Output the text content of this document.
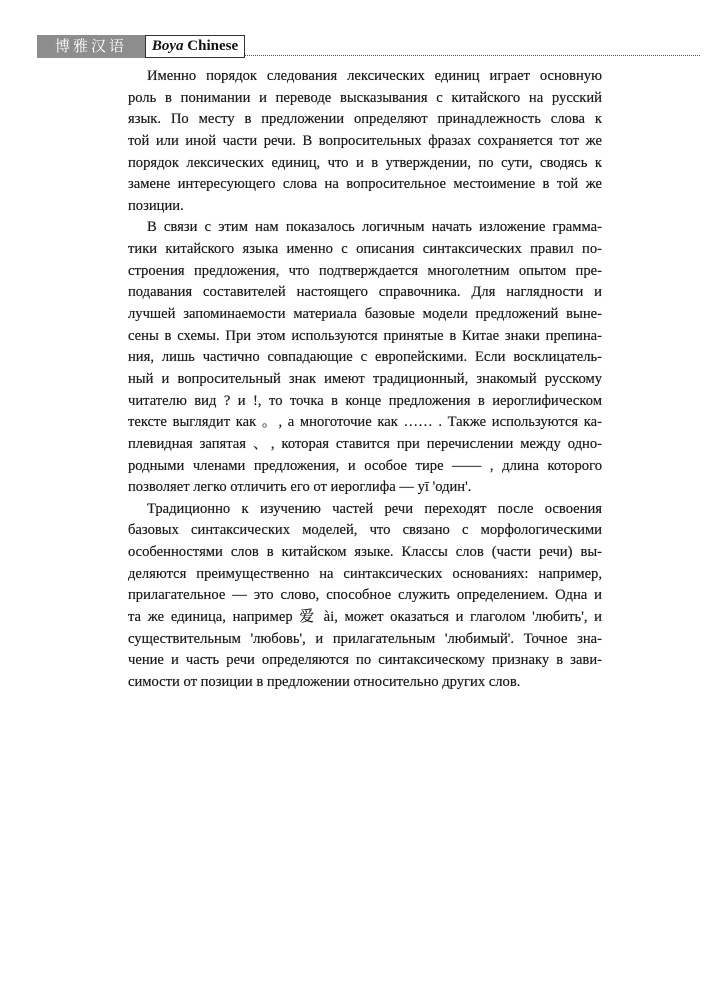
博雅汉语	Boya Chinese
Именно порядок следования лексических единиц играет основную
роль в понимании и переводе высказывания с китайского на русский
язык. По месту в предложении определяют принадлежность слова к
той или иной части речи. В вопросительных фразах сохраняется тот же
порядок лексических единиц, что и в утверждении, по сути, сводясь к
замене интересующего слова на вопросительное местоимение в той же
позиции.
В связи с этим нам показалось логичным начать изложение грамма-
тики китайского языка именно с описания синтаксических правил по-
строения предложения, что подтверждается многолетним опытом пре-
подавания составителей настоящего справочника. Для наглядности и
лучшей запоминаемости материала базовые модели предложений выне-
сены в схемы. При этом используются принятые в Китае знаки препина-
ния, лишь частично совпадающие с европейскими. Если восклицатель-
ный и вопросительный знак имеют традиционный, знакомый русскому
читателю вид ? и !, то точка в конце предложения в иероглифическом
тексте выглядит как 。, а многоточие как …… . Также используются ка-
плевидная запятая 、, которая ставится при перечислении между одно-
родными членами предложения, и особое тире —— , длина которого
позволяет легко отличить его от иероглифа — yī 'один'.
Традиционно к изучению частей речи переходят после освоения
базовых синтаксических моделей, что связано с морфологическими
особенностями слов в китайском языке. Классы слов (части речи) вы-
деляются преимущественно на синтаксических основаниях: например,
прилагательное — это слово, способное служить определением. Одна и
та же единица, например 爱 ài, может оказаться и глаголом 'любить', и
существительным 'любовь', и прилагательным 'любимый'. Точное зна-
чение и часть речи определяются по синтаксическому признаку в зави-
симости от позиции в предложении относительно других слов.
